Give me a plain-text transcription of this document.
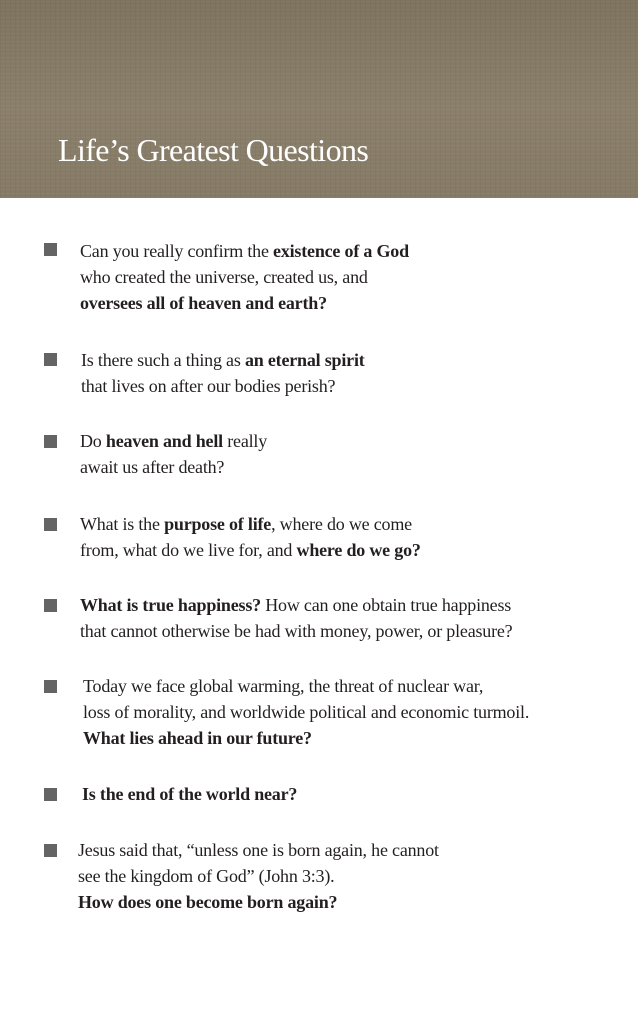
Life’s Greatest Questions
Can you really confirm the existence of a God
who created the universe, created us, and
oversees all of heaven and earth?
Is there such a thing as an eternal spirit
that lives on after our bodies perish?
Do heaven and hell really
await us after death?
What is the purpose of life, where do we come
from, what do we live for, and where do we go?
What is true happiness? How can one obtain true happiness
that cannot otherwise be had with money, power, or pleasure?
Today we face global warming, the threat of nuclear war,
loss of morality, and worldwide political and economic turmoil.
What lies ahead in our future?
Is the end of the world near?
Jesus said that, “unless one is born again, he cannot
see the kingdom of God” (John 3:3).
How does one become born again?
